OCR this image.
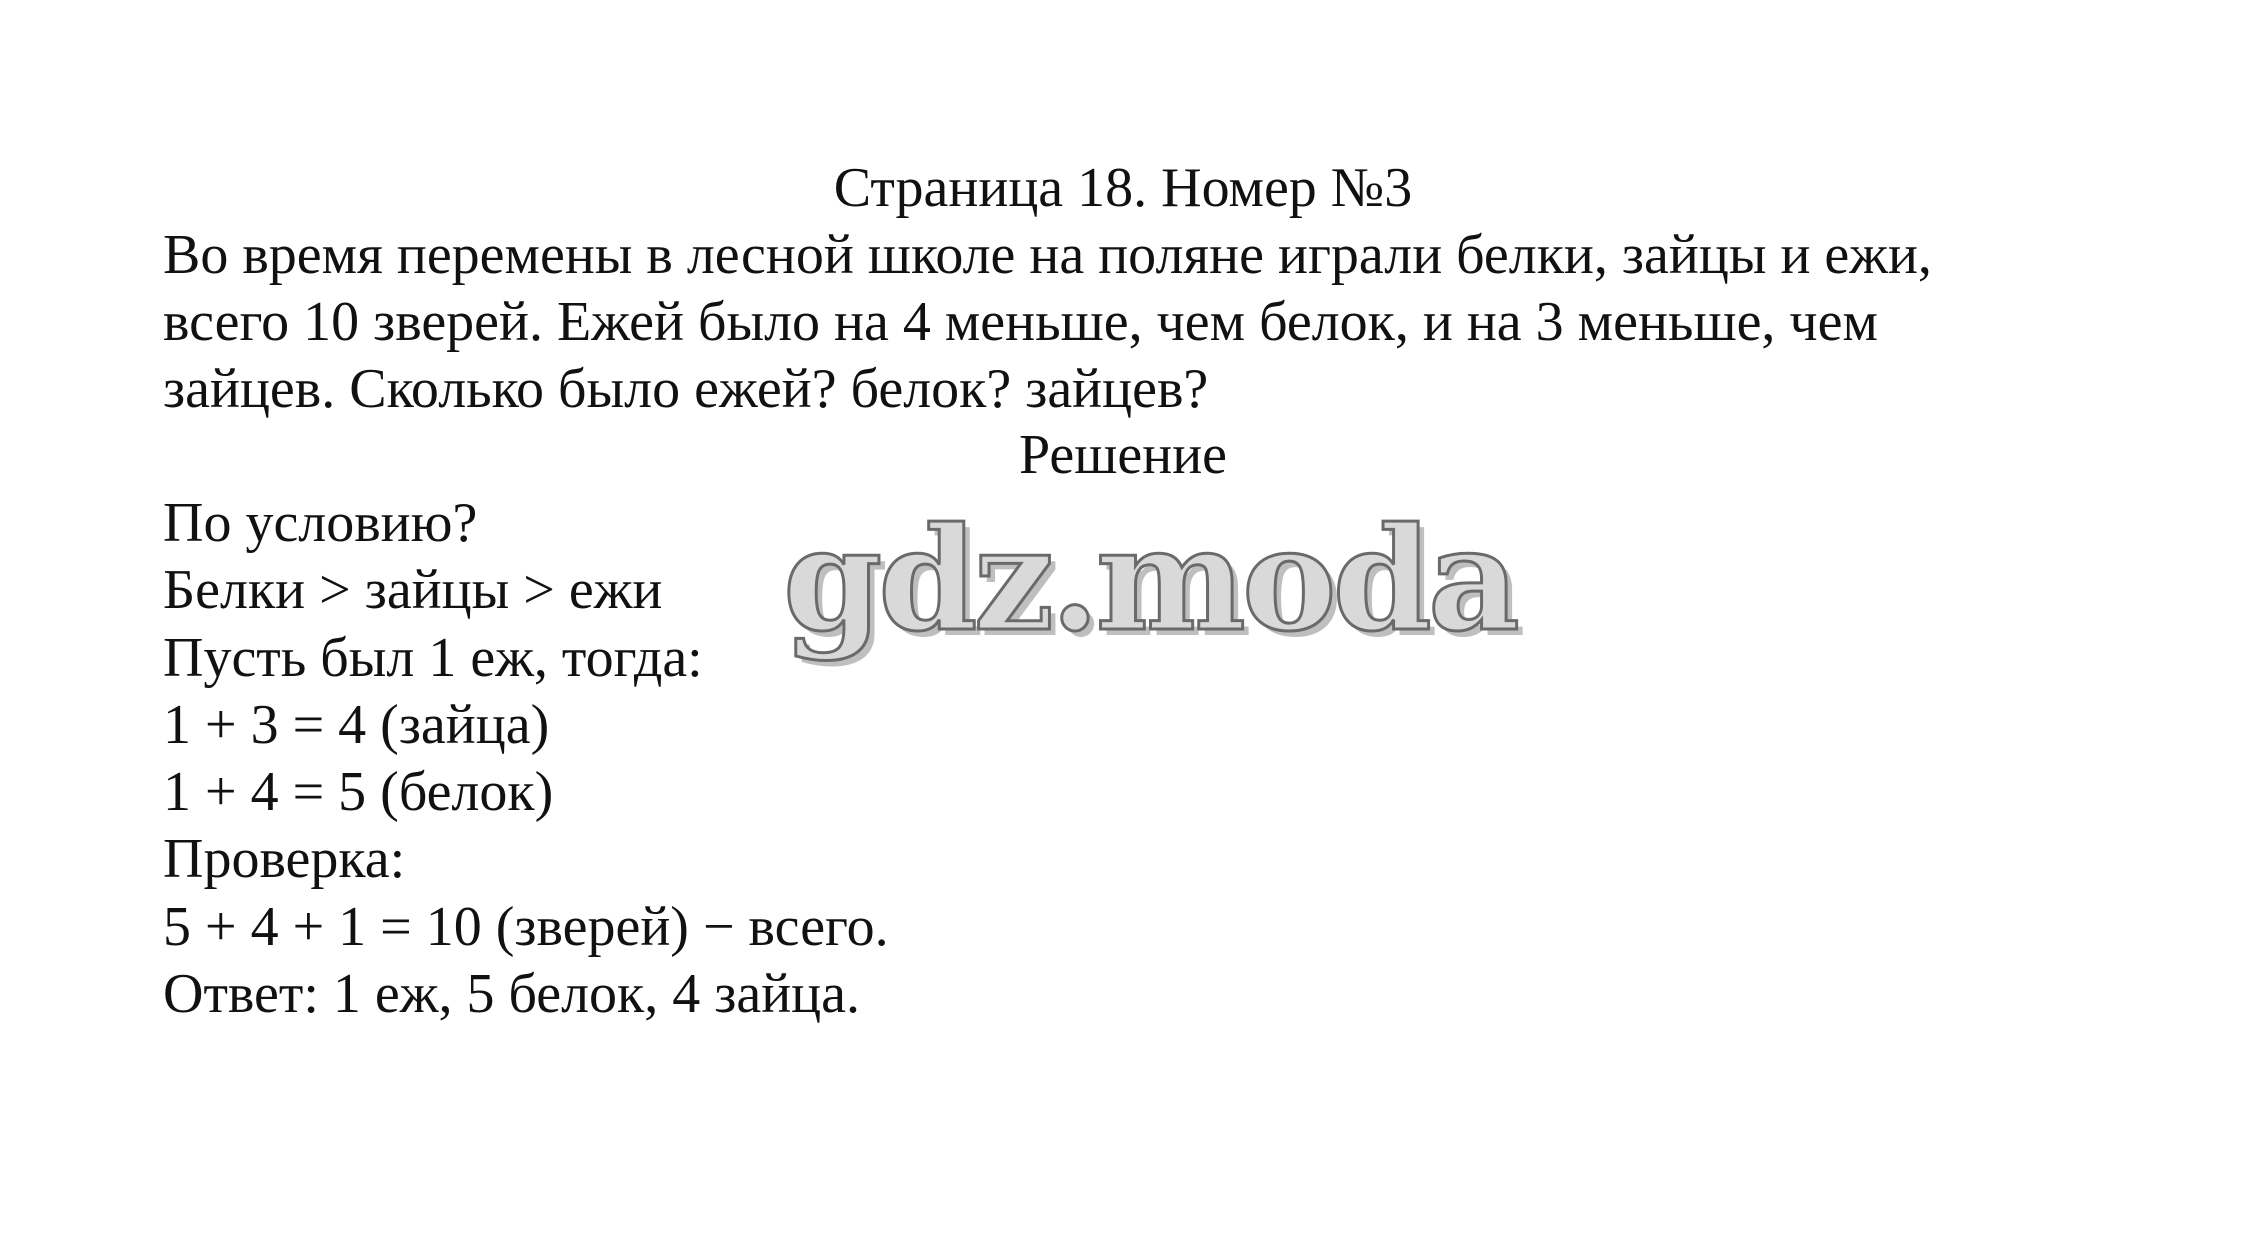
Страница 18. Номер №3
Во время перемены в лесной школе на поляне играли белки, зайцы и ежи,
всего 10 зверей. Ежей было на 4 меньше, чем белок, и на 3 меньше, чем
зайцев. Сколько было ежей? белок? зайцев?
Решение
По условию?
Белки > зайцы > ежи
Пусть был 1 еж, тогда:
1 + 3 = 4 (зайца)
1 + 4 = 5 (белок)
Проверка:
5 + 4 + 1 = 10 (зверей) − всего.
Ответ: 1 еж, 5 белок, 4 зайца.
gdz.moda
